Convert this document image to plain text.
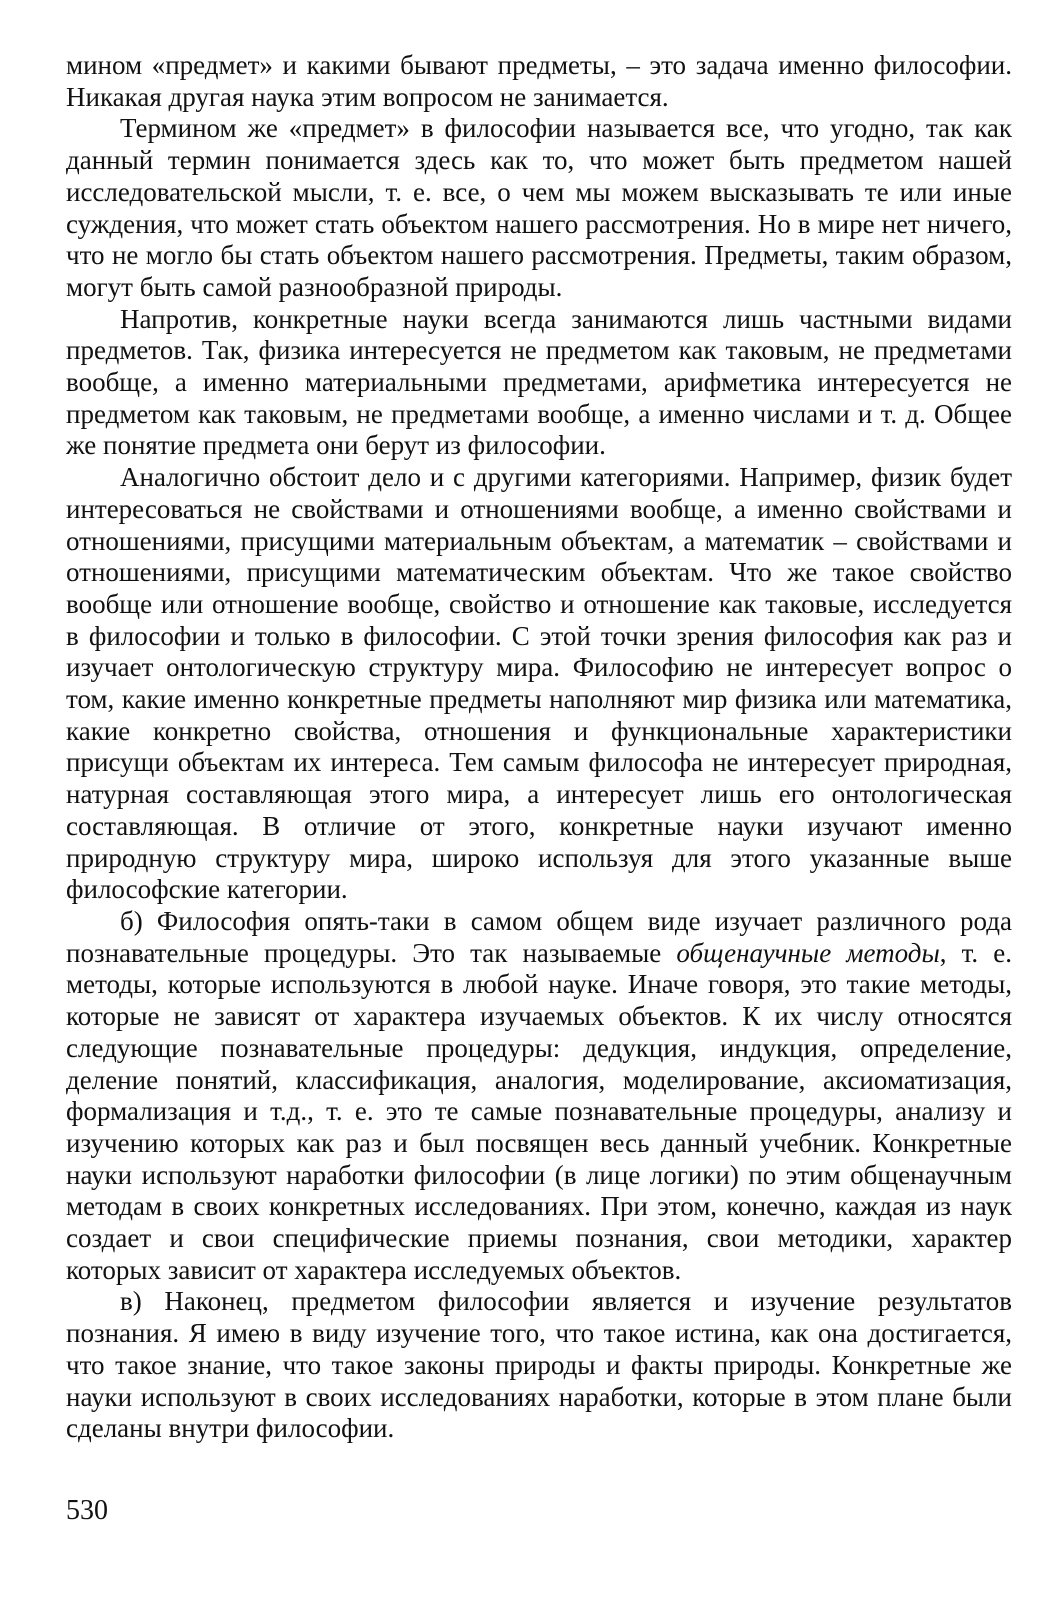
мином «предмет» и какими бывают предметы, – это задача именно философии. Никакая другая наука этим вопросом не занимается.

Термином же «предмет» в философии называется все, что угодно, так как данный термин понимается здесь как то, что может быть предметом нашей исследовательской мысли, т. е. все, о чем мы можем высказывать те или иные суждения, что может стать объектом нашего рассмотрения. Но в мире нет ничего, что не могло бы стать объектом нашего рассмотрения. Предметы, таким образом, могут быть самой разнообразной природы.

Напротив, конкретные науки всегда занимаются лишь частными видами предметов. Так, физика интересуется не предметом как таковым, не предметами вообще, а именно материальными предметами, арифметика интересуется не предметом как таковым, не предметами вообще, а именно числами и т. д. Общее же понятие предмета они берут из философии.

Аналогично обстоит дело и с другими категориями. Например, физик будет интересоваться не свойствами и отношениями вообще, а именно свойствами и отношениями, присущими материальным объектам, а математик – свойствами и отношениями, присущими математическим объектам. Что же такое свойство вообще или отношение вообще, свойство и отношение как таковые, исследуется в философии и только в философии. С этой точки зрения философия как раз и изучает онтологическую структуру мира. Философию не интересует вопрос о том, какие именно конкретные предметы наполняют мир физика или математика, какие конкретно свойства, отношения и функциональные характеристики присущи объектам их интереса. Тем самым философа не интересует природная, натурная составляющая этого мира, а интересует лишь его онтологическая составляющая. В отличие от этого, конкретные науки изучают именно природную структуру мира, широко используя для этого указанные выше философские категории.

б) Философия опять-таки в самом общем виде изучает различного рода познавательные процедуры. Это так называемые общенаучные методы, т. е. методы, которые используются в любой науке. Иначе говоря, это такие методы, которые не зависят от характера изучаемых объектов. К их числу относятся следующие познавательные процедуры: дедукция, индукция, определение, деление понятий, классификация, аналогия, моделирование, аксиоматизация, формализация и т.д., т. е. это те самые познавательные процедуры, анализу и изучению которых как раз и был посвящен весь данный учебник. Конкретные науки используют наработки философии (в лице логики) по этим общенаучным методам в своих конкретных исследованиях. При этом, конечно, каждая из наук создает и свои специфические приемы познания, свои методики, характер которых зависит от характера исследуемых объектов.

в) Наконец, предметом философии является и изучение результатов познания. Я имею в виду изучение того, что такое истина, как она достигается, что такое знание, что такое законы природы и факты природы. Конкретные же науки используют в своих исследованиях наработки, которые в этом плане были сделаны внутри философии.

530
